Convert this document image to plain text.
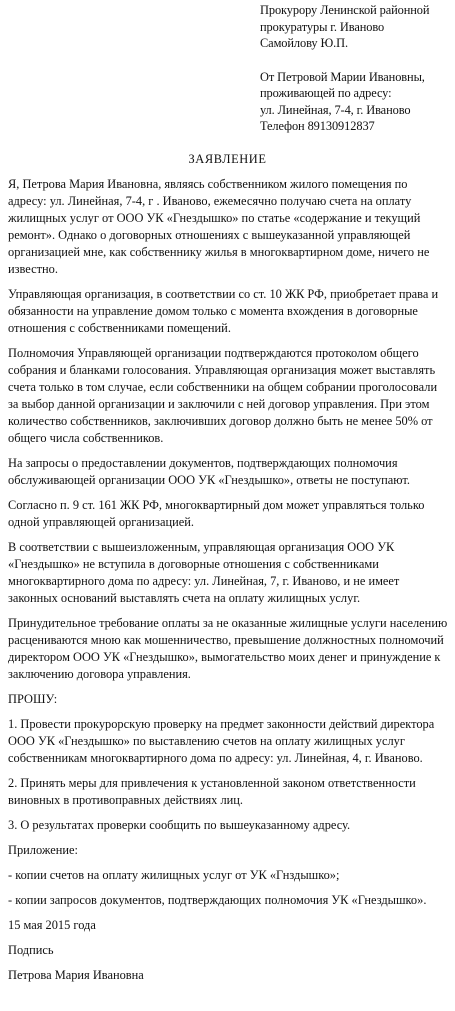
Прокурору Ленинской районной
прокуратуры г. Иваново
Самойлову Ю.П.
От Петровой Марии Ивановны,
проживающей по адресу:
ул. Линейная, 7-4, г. Иваново
Телефон 89130912837
ЗАЯВЛЕНИЕ

Я, Петрова Мария Ивановна, являясь собственником жилого помещения по адресу: ул. Линейная, 7-4, г . Иваново, ежемесячно получаю счета на оплату жилищных услуг от ООО УК «Гнездышко» по статье «содержание и текущий ремонт». Однако о договорных отношениях с вышеуказанной управляющей организацией мне, как собственнику жилья в многоквартирном доме, ничего не известно.

Управляющая организация, в соответствии со ст. 10 ЖК РФ, приобретает права и обязанности на управление домом только с момента вхождения в договорные отношения с собственниками помещений.

Полномочия Управляющей организации подтверждаются протоколом общего собрания и бланками голосования. Управляющая организация может выставлять счета только в том случае, если собственники на общем собрании проголосовали за выбор данной организации и заключили с ней договор управления. При этом количество собственников, заключивших договор должно быть не менее 50% от общего числа собственников.

На запросы о предоставлении документов, подтверждающих полномочия обслуживающей организации ООО УК «Гнездышко», ответы не поступают.

Согласно п. 9 ст. 161 ЖК РФ, многоквартирный дом может управляться только одной управляющей организацией.

В соответствии с вышеизложенным, управляющая организация ООО УК «Гнездышко» не вступила в договорные отношения с собственниками многоквартирного дома по адресу: ул. Линейная, 7, г. Иваново, и не имеет законных оснований выставлять счета на оплату жилищных услуг.

Принудительное требование оплаты за не оказанные жилищные услуги населению расцениваются мною как мошенничество, превышение должностных полномочий директором ООО УК «Гнездышко», вымогательство моих денег и принуждение к заключению договора управления.

ПРОШУ:

1. Провести прокурорскую проверку на предмет законности действий директора ООО УК «Гнездышко» по выставлению счетов на оплату жилищных услуг собственникам многоквартирного дома по адресу: ул. Линейная, 4, г. Иваново.

2. Принять меры для привлечения к установленной законом ответственности виновных в противоправных действиях лиц.

3. О результатах проверки сообщить по вышеуказанному адресу.

Приложение:

- копии счетов на оплату жилищных услуг от УК «Гнздышко»;

- копии запросов документов, подтверждающих полномочия УК «Гнездышко».

15 мая 2015 года

Подпись

Петрова Мария Ивановна
